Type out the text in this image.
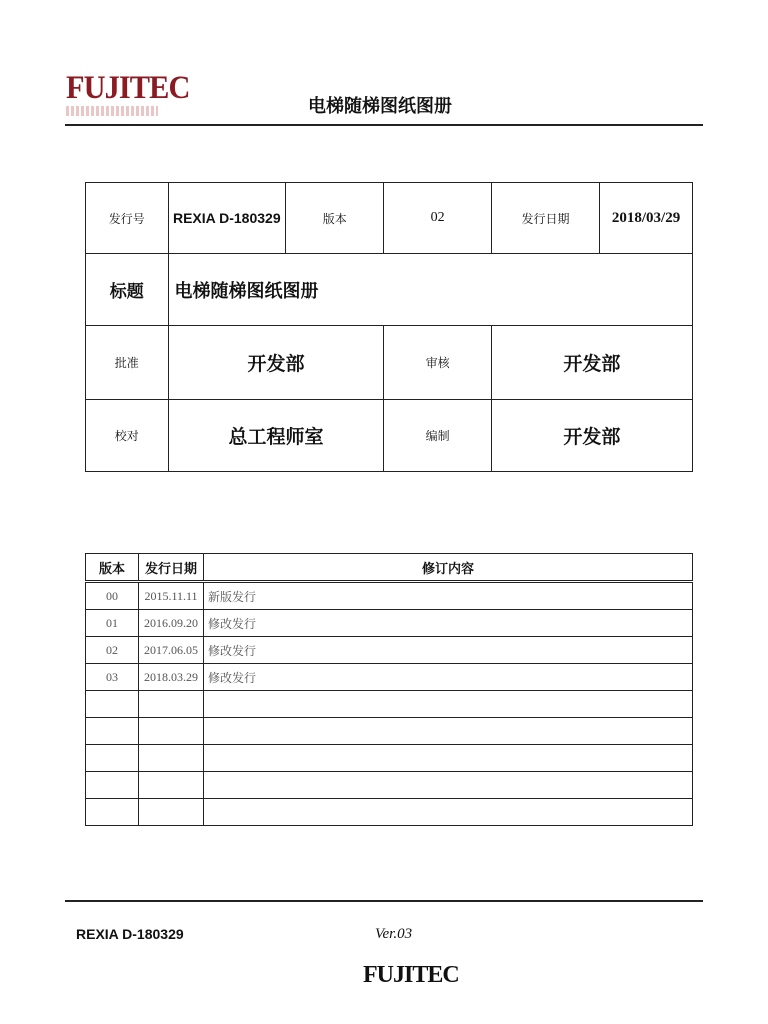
FUJITEC
电梯随梯图纸图册
发行号	REXIA D-180329	版本	02	发行日期	2018/03/29
标题	电梯随梯图纸图册				
批准	开发部		审核	开发部	
校对	总工程师室		编制	开发部	
版本	发行日期	修订内容
00	2015.11.11	新版发行
01	2016.09.20	修改发行
02	2017.06.05	修改发行
03	2018.03.29	修改发行

REXIA D-180329	Ver.03
FUJITEC
